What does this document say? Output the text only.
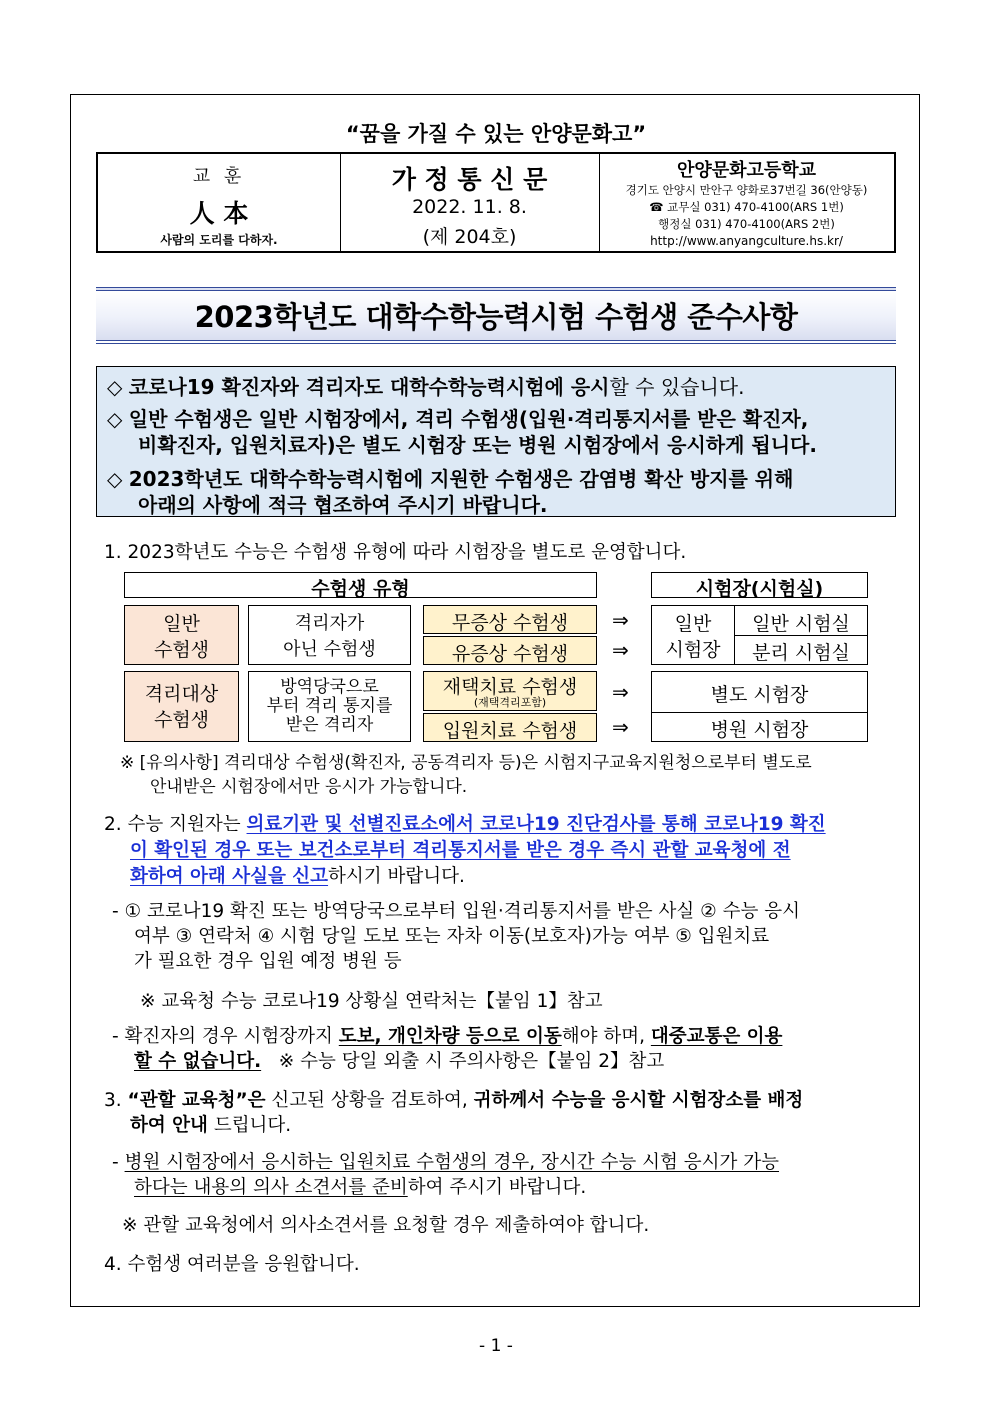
“꿈을 가질 수 있는 안양문화고”
교 훈
人 本
사람의 도리를 다하자.
가 정 통 신 문
2022. 11. 8.
(제 204호)
안양문화고등학교
경기도 안양시 만안구 양화로37번길 36(안양동)
☎ 교무실 031) 470-4100(ARS 1번)
행정실 031) 470-4100(ARS 2번)
http://www.anyangculture.hs.kr/
2023학년도 대학수학능력시험 수험생 준수사항
◇ 코로나19 확진자와 격리자도 대학수학능력시험에 응시할 수 있습니다.
◇ 일반 수험생은 일반 시험장에서, 격리 수험생(입원·격리통지서를 받은 확진자,
비확진자, 입원치료자)은 별도 시험장 또는 병원 시험장에서 응시하게 됩니다.
◇ 2023학년도 대학수학능력시험에 지원한 수험생은 감염병 확산 방지를 위해
아래의 사항에 적극 협조하여 주시기 바랍니다.
1. 2023학년도 수능은 수험생 유형에 따라 시험장을 별도로 운영합니다.
수험생 유형	시험장(시험실)
일반
수험생
격리자가
아닌 수험생
무증상 수험생
유증상 수험생
⇒
⇒
일반
시험장
일반 시험실
분리 시험실
격리대상
수험생
방역당국으로
부터 격리 통지를
받은 격리자
재택치료 수험생
(재택격리포함)
입원치료 수험생
⇒
⇒
별도 시험장
병원 시험장
※ [유의사항] 격리대상 수험생(확진자, 공동격리자 등)은 시험지구교육지원청으로부터 별도로
안내받은 시험장에서만 응시가 가능합니다.
2. 수능 지원자는 의료기관 및 선별진료소에서 코로나19 진단검사를 통해 코로나19 확진
이 확인된 경우 또는 보건소로부터 격리통지서를 받은 경우 즉시 관할 교육청에 전
화하여 아래 사실을 신고하시기 바랍니다.
- ① 코로나19 확진 또는 방역당국으로부터 입원·격리통지서를 받은 사실 ② 수능 응시
여부 ③ 연락처 ④ 시험 당일 도보 또는 자차 이동(보호자)가능 여부 ⑤ 입원치료
가 필요한 경우 입원 예정 병원 등
※ 교육청 수능 코로나19 상황실 연락처는【붙임 1】참고
- 확진자의 경우 시험장까지 도보, 개인차량 등으로 이동해야 하며, 대중교통은 이용
할 수 없습니다. ※ 수능 당일 외출 시 주의사항은【붙임 2】참고
3. “관할 교육청”은 신고된 상황을 검토하여, 귀하께서 수능을 응시할 시험장소를 배정
하여 안내 드립니다.
- 병원 시험장에서 응시하는 입원치료 수험생의 경우, 장시간 수능 시험 응시가 가능
하다는 내용의 의사 소견서를 준비하여 주시기 바랍니다.
※ 관할 교육청에서 의사소견서를 요청할 경우 제출하여야 합니다.
4. 수험생 여러분을 응원합니다.
- 1 -
